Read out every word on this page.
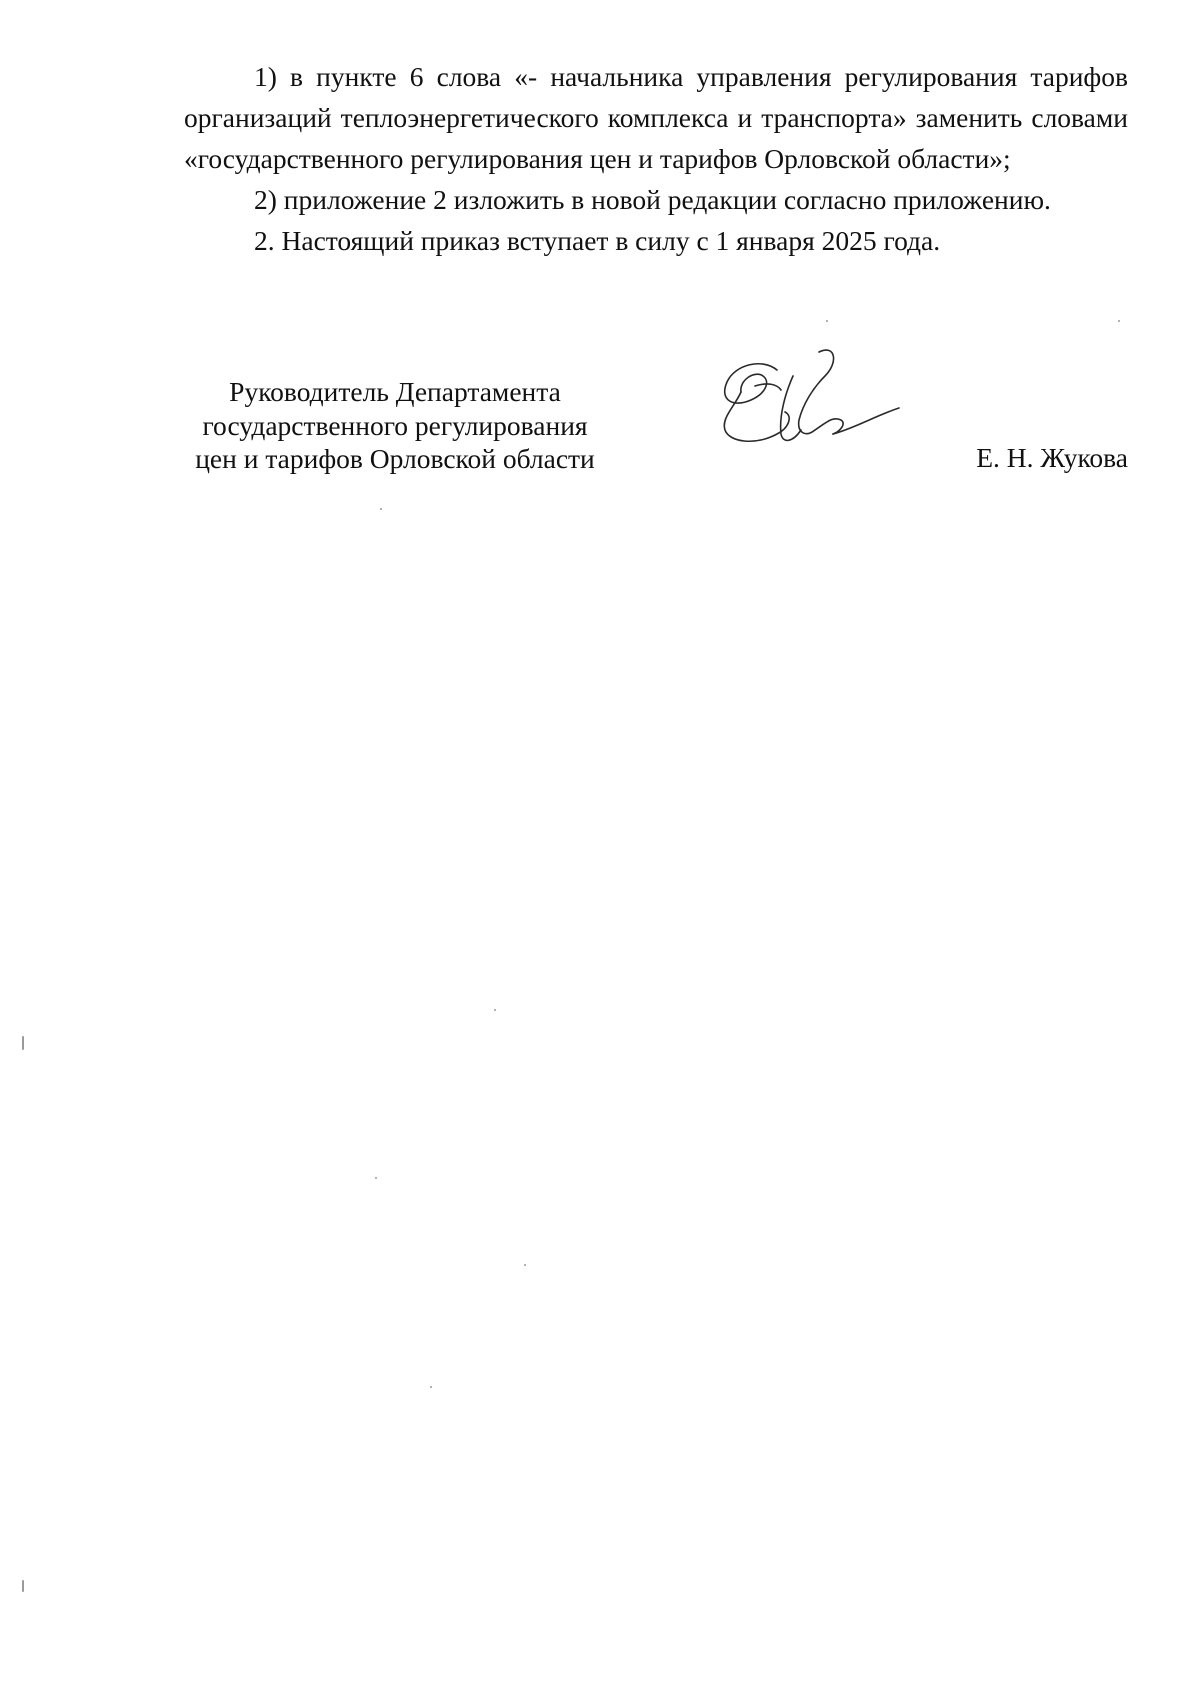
1) в пункте 6 слова «- начальника управления регулирования тарифов организаций теплоэнергетического комплекса и транспорта» заменить словами «государственного регулирования цен и тарифов Орловской области»;

2) приложение 2 изложить в новой редакции согласно приложению.

2. Настоящий приказ вступает в силу с 1 января 2025 года.

Руководитель Департамента
государственного регулирования
цен и тарифов Орловской области	Е. Н. Жукова
